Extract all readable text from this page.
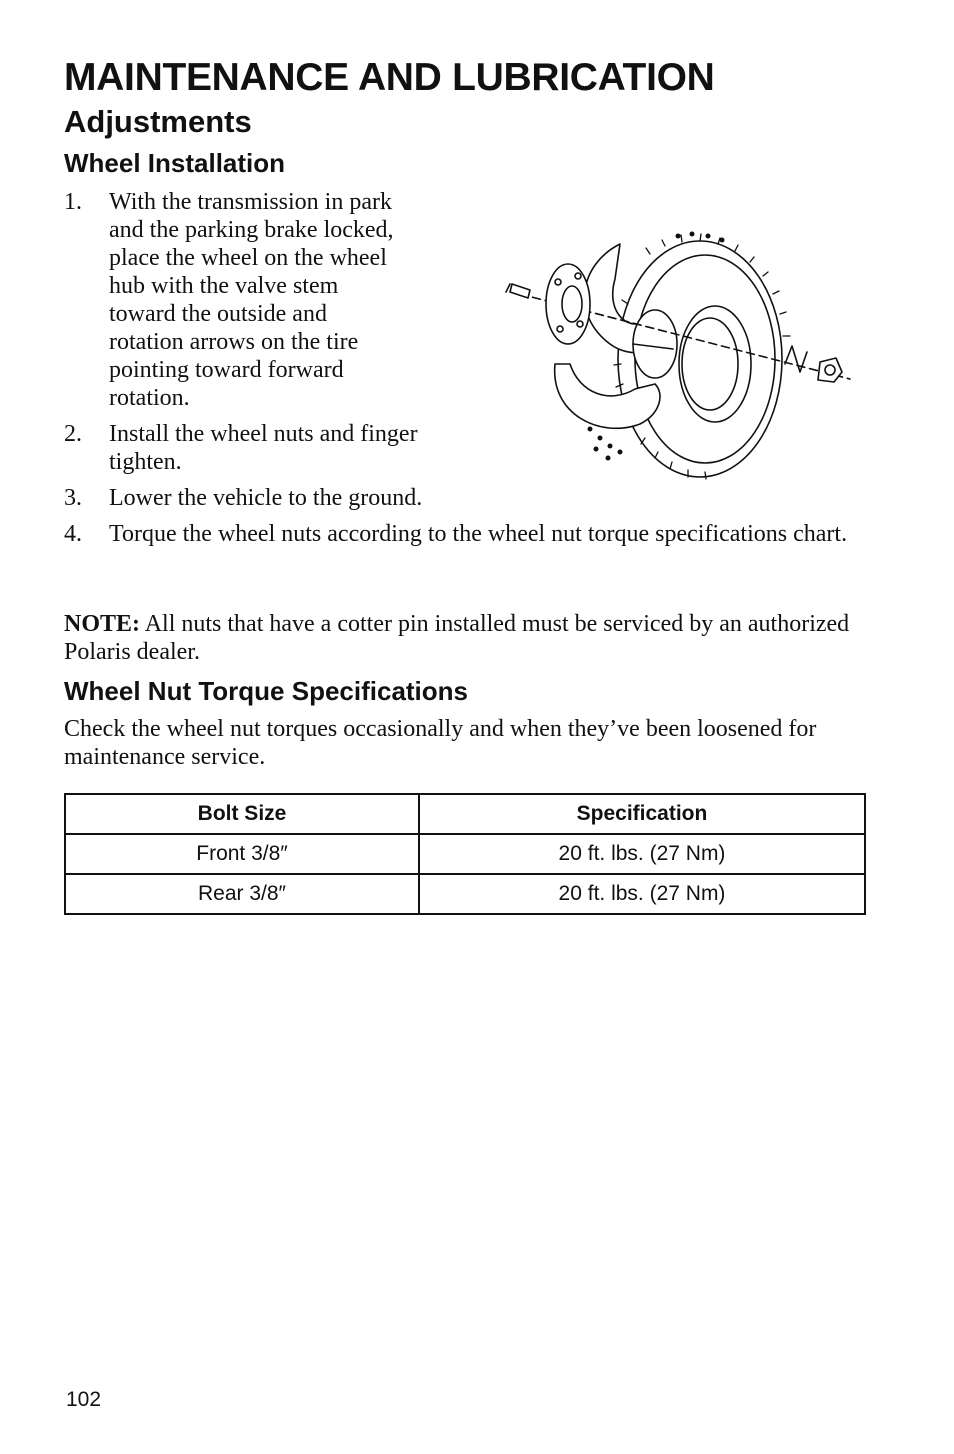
MAINTENANCE AND LUBRICATION
Adjustments
Wheel Installation
1. With the transmission in park and the parking brake locked, place the wheel on the wheel hub with the valve stem toward the outside and rotation arrows on the tire pointing toward forward rotation.
2. Install the wheel nuts and finger tighten.
3. Lower the vehicle to the ground.
4. Torque the wheel nuts according to the wheel nut torque specifications chart.

NOTE: All nuts that have a cotter pin installed must be serviced by an authorized Polaris dealer.

Wheel Nut Torque Specifications

Check the wheel nut torques occasionally and when they’ve been loosened for maintenance service.

Bolt Size	Specification
Front 3/8″	20 ft. lbs. (27 Nm)
Rear 3/8″	20 ft. lbs. (27 Nm)

102
